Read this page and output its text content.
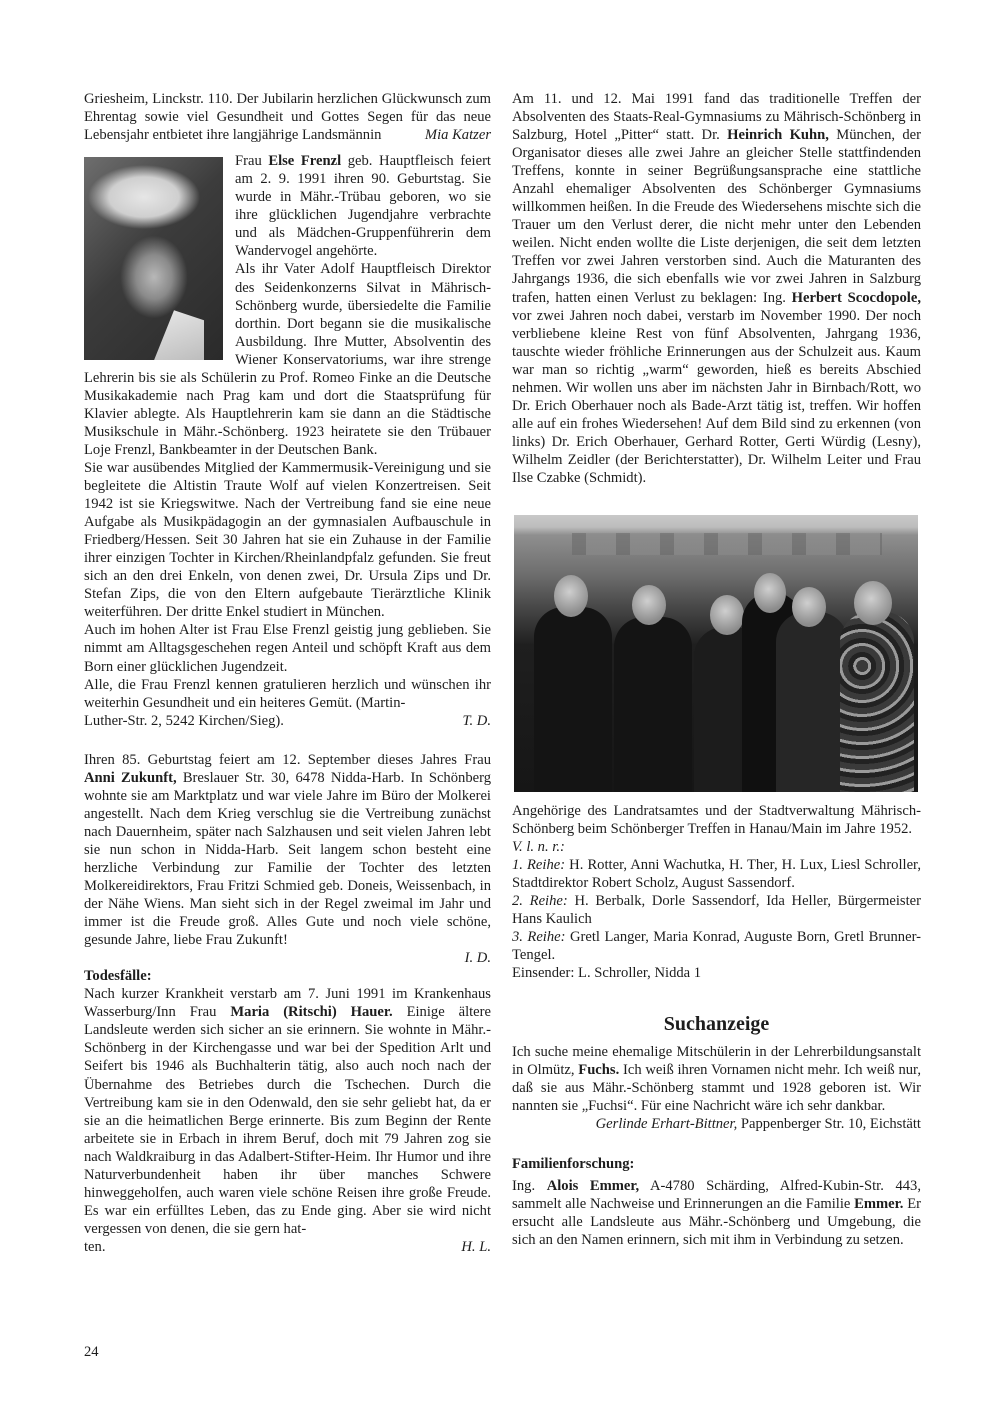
Griesheim, Linckstr. 110. Der Jubilarin herzlichen Glückwunsch zum Ehrentag sowie viel Gesundheit und Gottes Segen für das neue Lebensjahr entbietet ihre langjährige Landsmännin	Mia Katzer

Frau Else Frenzl geb. Hauptfleisch feiert am 2. 9. 1991 ihren 90. Geburtstag. Sie wurde in Mähr.-Trübau geboren, wo sie ihre glücklichen Jugendjahre verbrachte und als Mädchen-Gruppenführerin dem Wandervogel angehörte.

Als ihr Vater Adolf Hauptfleisch Direktor des Seidenkonzerns Silvat in Mährisch-Schönberg wurde, übersiedelte die Familie dorthin. Dort begann sie die musikalische Ausbildung. Ihre Mutter, Absolventin des Wiener Konservatoriums, war ihre strenge Lehrerin bis sie als Schülerin zu Prof. Romeo Finke an die Deutsche Musikakademie nach Prag kam und dort die Staatsprüfung für Klavier ablegte. Als Hauptlehrerin kam sie dann an die Städtische Musikschule in Mähr.-Schönberg. 1923 heiratete sie den Trübauer Loje Frenzl, Bankbeamter in der Deutschen Bank.

Sie war ausübendes Mitglied der Kammermusik-Vereinigung und sie begleitete die Altistin Traute Wolf auf vielen Konzertreisen. Seit 1942 ist sie Kriegswitwe. Nach der Vertreibung fand sie eine neue Aufgabe als Musikpädagogin an der gymnasialen Aufbauschule in Friedberg/Hessen. Seit 30 Jahren hat sie ein Zuhause in der Familie ihrer einzigen Tochter in Kirchen/Rheinlandpfalz gefunden. Sie freut sich an den drei Enkeln, von denen zwei, Dr. Ursula Zips und Dr. Stefan Zips, die von den Eltern aufgebaute Tierärztliche Klinik weiterführen. Der dritte Enkel studiert in München.

Auch im hohen Alter ist Frau Else Frenzl geistig jung geblieben. Sie nimmt am Alltagsgeschehen regen Anteil und schöpft Kraft aus dem Born einer glücklichen Jugendzeit.

Alle, die Frau Frenzl kennen gratulieren herzlich und wünschen ihr weiterhin Gesundheit und ein heiteres Gemüt. (Martin-

Luther-Str. 2, 5242 Kirchen/Sieg).	T. D.

Ihren 85. Geburtstag feiert am 12. September dieses Jahres Frau Anni Zukunft, Breslauer Str. 30, 6478 Nidda-Harb. In Schönberg wohnte sie am Marktplatz und war viele Jahre im Büro der Molkerei angestellt. Nach dem Krieg verschlug sie die Vertreibung zunächst nach Dauernheim, später nach Salzhausen und seit vielen Jahren lebt sie nun schon in Nidda-Harb. Seit langem schon besteht eine herzliche Verbindung zur Familie der Tochter des letzten Molkereidirektors, Frau Fritzi Schmied geb. Doneis, Weissenbach, in der Nähe Wiens. Man sieht sich in der Regel zweimal im Jahr und immer ist die Freude groß. Alles Gute und noch viele schöne, gesunde Jahre, liebe Frau Zukunft!

I. D.

Todesfälle:

Nach kurzer Krankheit verstarb am 7. Juni 1991 im Krankenhaus Wasserburg/Inn Frau Maria (Ritschi) Hauer. Einige ältere Landsleute werden sich sicher an sie erinnern. Sie wohnte in Mähr.-Schönberg in der Kirchengasse und war bei der Spedition Arlt und Seifert bis 1946 als Buchhalterin tätig, also auch noch nach der Übernahme des Betriebes durch die Tschechen. Durch die Vertreibung kam sie in den Odenwald, den sie sehr geliebt hat, da er sie an die heimatlichen Berge erinnerte. Bis zum Beginn der Rente arbeitete sie in Erbach in ihrem Beruf, doch mit 79 Jahren zog sie nach Waldkraiburg in das Adalbert-Stifter-Heim. Ihr Humor und ihre Naturverbundenheit haben ihr über manches Schwere hinweggeholfen, auch waren viele schöne Reisen ihre große Freude. Es war ein erfülltes Leben, das zu Ende ging. Aber sie wird nicht vergessen von denen, die sie gern hat-

ten.	H. L.

Am 11. und 12. Mai 1991 fand das traditionelle Treffen der Absolventen des Staats-Real-Gymnasiums zu Mährisch-Schönberg in Salzburg, Hotel „Pitter“ statt. Dr. Heinrich Kuhn, München, der Organisator dieses alle zwei Jahre an gleicher Stelle stattfindenden Treffens, konnte in seiner Begrüßungsansprache eine stattliche Anzahl ehemaliger Absolventen des Schönberger Gymnasiums willkommen heißen. In die Freude des Wiedersehens mischte sich die Trauer um den Verlust derer, die nicht mehr unter den Lebenden weilen. Nicht enden wollte die Liste derjenigen, die seit dem letzten Treffen vor zwei Jahren verstorben sind. Auch die Maturanten des Jahrgangs 1936, die sich ebenfalls wie vor zwei Jahren in Salzburg trafen, hatten einen Verlust zu beklagen: Ing. Herbert Scocdopole, vor zwei Jahren noch dabei, verstarb im November 1990. Der noch verbliebene kleine Rest von fünf Absolventen, Jahrgang 1936, tauschte wieder fröhliche Erinnerungen aus der Schulzeit aus. Kaum war man so richtig „warm“ geworden, hieß es bereits Abschied nehmen. Wir wollen uns aber im nächsten Jahr in Birnbach/Rott, wo Dr. Erich Oberhauer noch als Bade-Arzt tätig ist, treffen. Wir hoffen alle auf ein frohes Wiedersehen! Auf dem Bild sind zu erkennen (von links) Dr. Erich Oberhauer, Gerhard Rotter, Gerti Würdig (Lesny), Wilhelm Zeidler (der Berichterstatter), Dr. Wilhelm Leiter und Frau Ilse Czabke (Schmidt).

Angehörige des Landratsamtes und der Stadtverwaltung Mährisch-Schönberg beim Schönberger Treffen in Hanau/Main im Jahre 1952.

V. l. n. r.:

1. Reihe: H. Rotter, Anni Wachutka, H. Ther, H. Lux, Liesl Schroller, Stadtdirektor Robert Scholz, August Sassendorf.

2. Reihe: H. Berbalk, Dorle Sassendorf, Ida Heller, Bürgermeister Hans Kaulich

3. Reihe: Gretl Langer, Maria Konrad, Auguste Born, Gretl Brunner-Tengel.

Einsender: L. Schroller, Nidda 1

Suchanzeige

Ich suche meine ehemalige Mitschülerin in der Lehrerbildungsanstalt in Olmütz, Fuchs. Ich weiß ihren Vornamen nicht mehr. Ich weiß nur, daß sie aus Mähr.-Schönberg stammt und 1928 geboren ist. Wir nannten sie „Fuchsi“. Für eine Nachricht wäre ich sehr dankbar.

Gerlinde Erhart-Bittner, Pappenberger Str. 10, Eichstätt

Familienforschung:

Ing. Alois Emmer, A-4780 Schärding, Alfred-Kubin-Str. 443, sammelt alle Nachweise und Erinnerungen an die Familie Emmer. Er ersucht alle Landsleute aus Mähr.-Schönberg und Umgebung, die sich an den Namen erinnern, sich mit ihm in Verbindung zu setzen.

24
